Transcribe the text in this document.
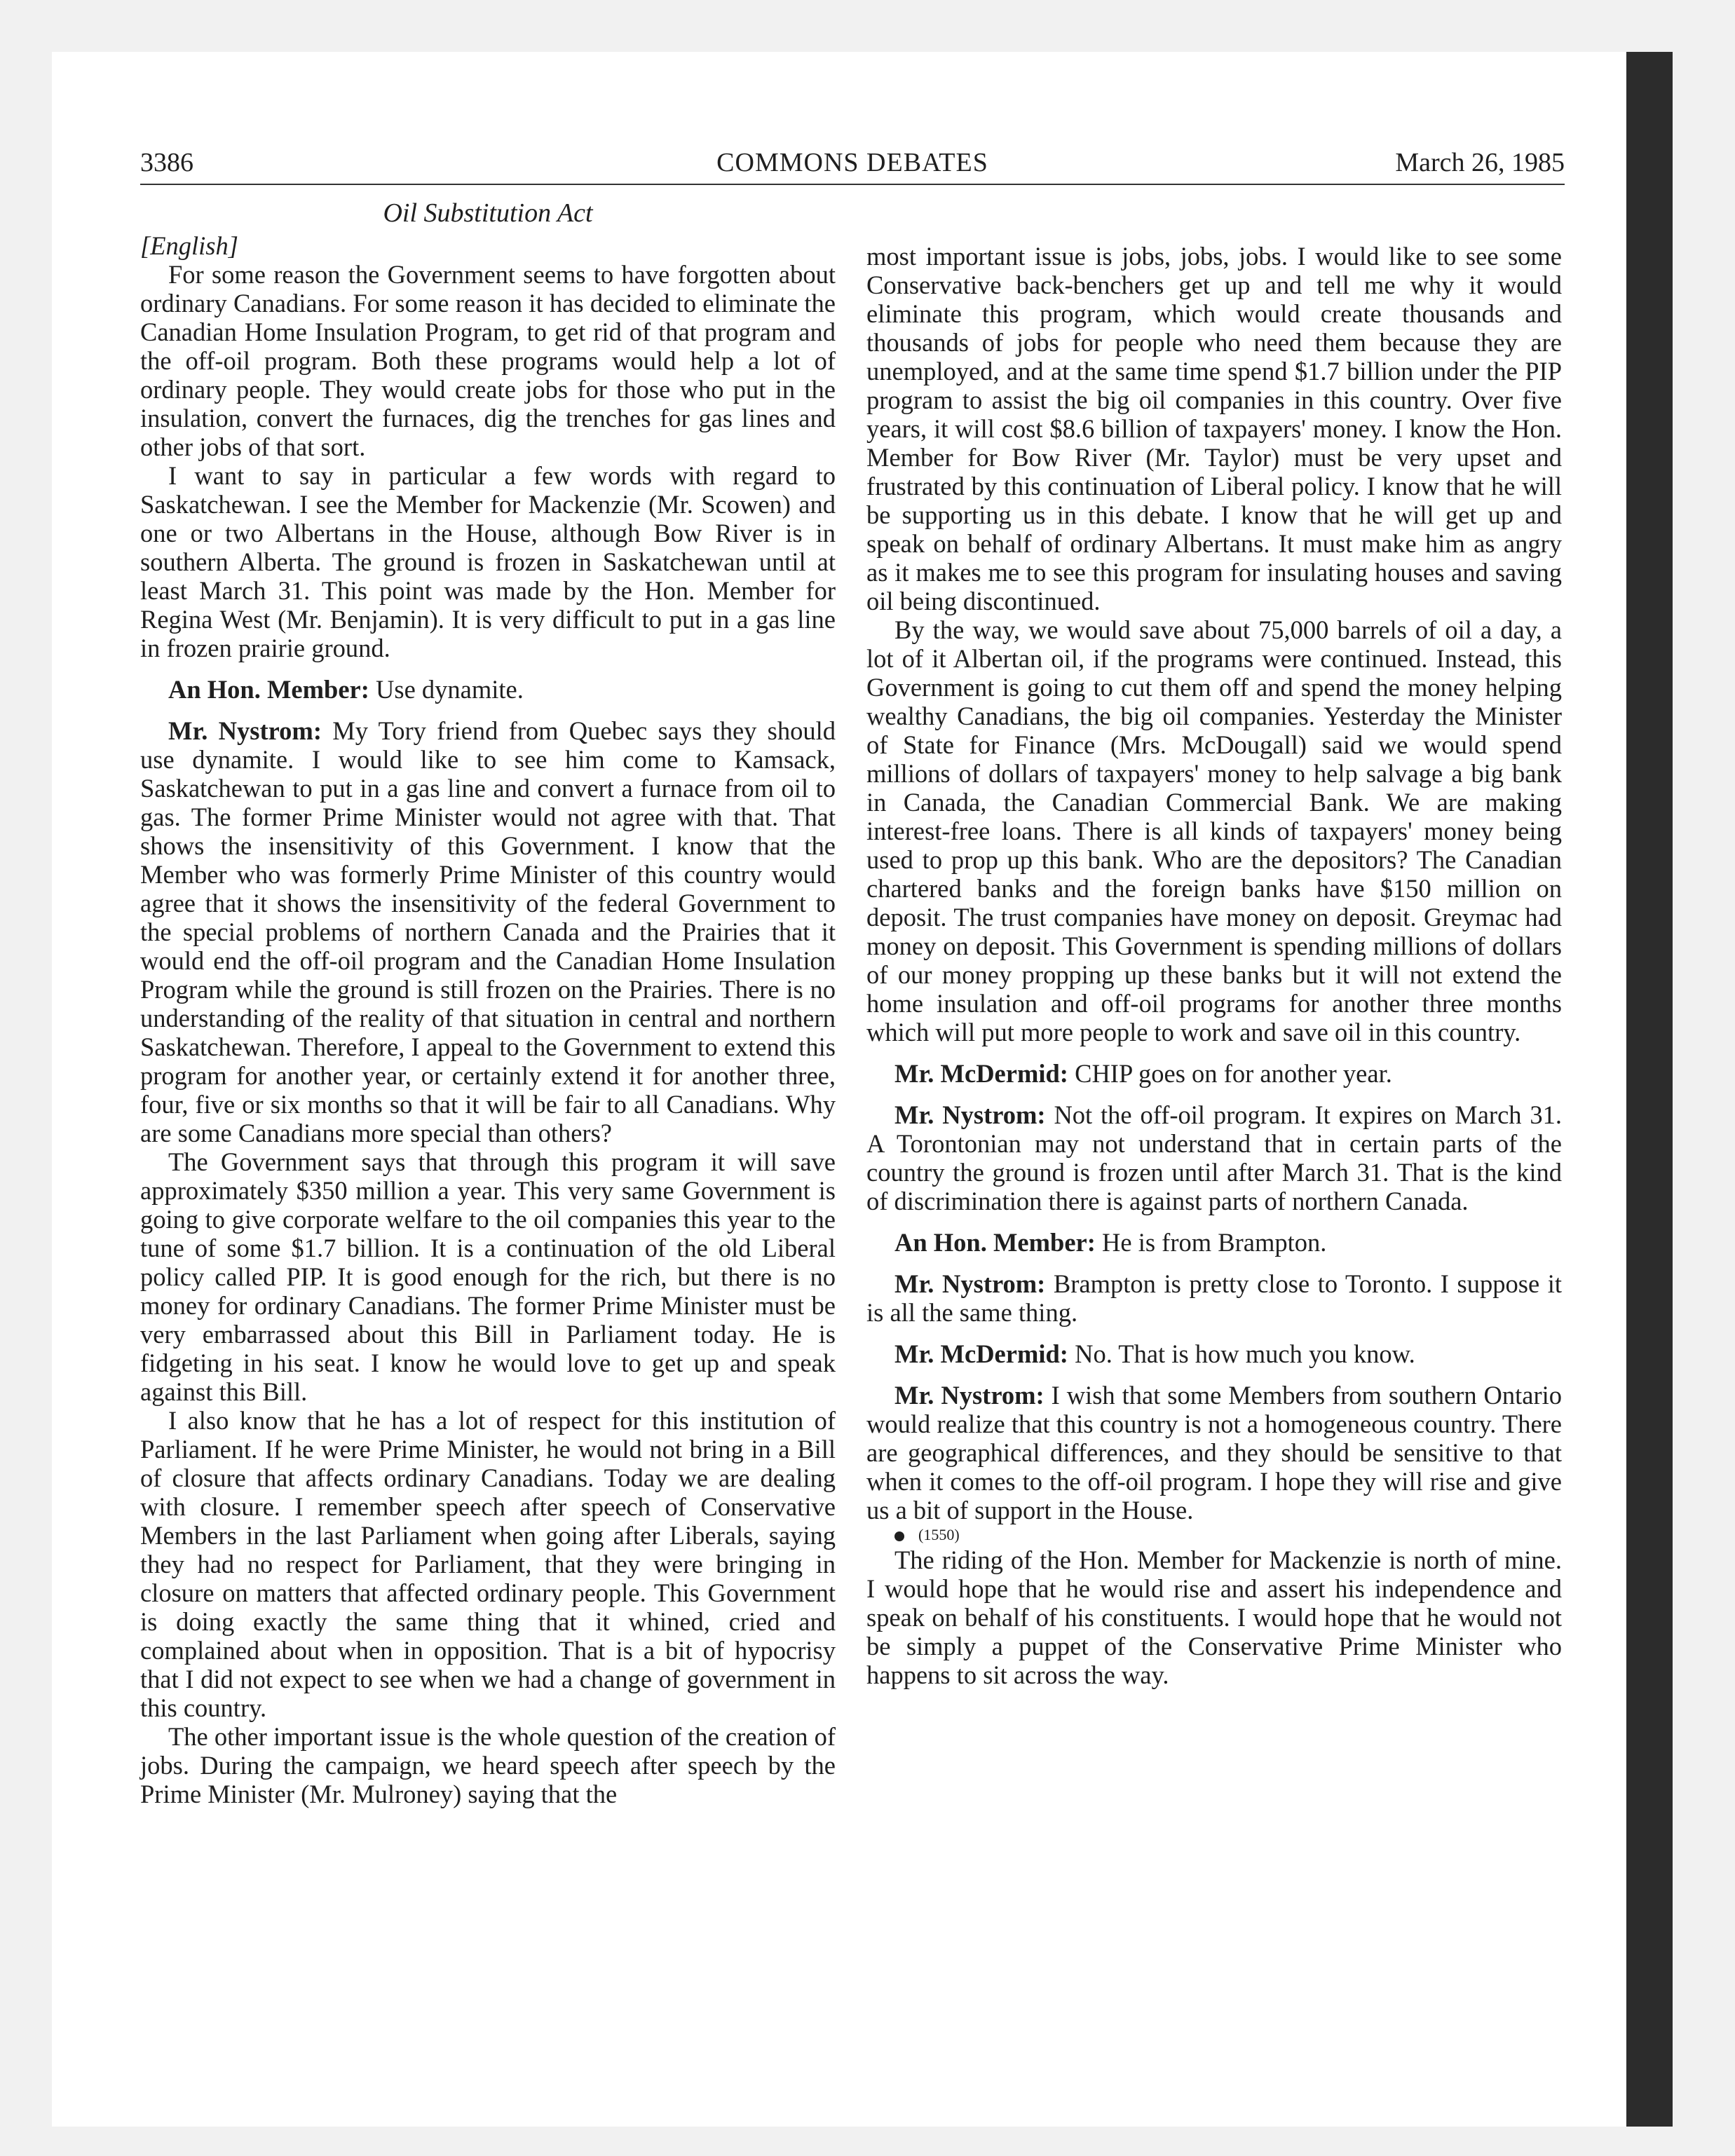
3386	COMMONS DEBATES	March 26, 1985
Oil Substitution Act

[English]

For some reason the Government seems to have forgotten about ordinary Canadians. For some reason it has decided to eliminate the Canadian Home Insulation Program, to get rid of that program and the off-oil program. Both these programs would help a lot of ordinary people. They would create jobs for those who put in the insulation, convert the furnaces, dig the trenches for gas lines and other jobs of that sort.

I want to say in particular a few words with regard to Saskatchewan. I see the Member for Mackenzie (Mr. Scowen) and one or two Albertans in the House, although Bow River is in southern Alberta. The ground is frozen in Saskatchewan until at least March 31. This point was made by the Hon. Member for Regina West (Mr. Benjamin). It is very difficult to put in a gas line in frozen prairie ground.

An Hon. Member: Use dynamite.

Mr. Nystrom: My Tory friend from Quebec says they should use dynamite. I would like to see him come to Kamsack, Saskatchewan to put in a gas line and convert a furnace from oil to gas. The former Prime Minister would not agree with that. That shows the insensitivity of this Government. I know that the Member who was formerly Prime Minister of this country would agree that it shows the insensitivity of the federal Government to the special problems of northern Canada and the Prairies that it would end the off-oil program and the Canadian Home Insulation Program while the ground is still frozen on the Prairies. There is no understanding of the reality of that situation in central and northern Saskatchewan. Therefore, I appeal to the Government to extend this program for another year, or certainly extend it for another three, four, five or six months so that it will be fair to all Canadians. Why are some Canadians more special than others?

The Government says that through this program it will save approximately $350 million a year. This very same Government is going to give corporate welfare to the oil companies this year to the tune of some $1.7 billion. It is a continuation of the old Liberal policy called PIP. It is good enough for the rich, but there is no money for ordinary Canadians. The former Prime Minister must be very embarrassed about this Bill in Parliament today. He is fidgeting in his seat. I know he would love to get up and speak against this Bill.

I also know that he has a lot of respect for this institution of Parliament. If he were Prime Minister, he would not bring in a Bill of closure that affects ordinary Canadians. Today we are dealing with closure. I remember speech after speech of Conservative Members in the last Parliament when going after Liberals, saying they had no respect for Parliament, that they were bringing in closure on matters that affected ordinary people. This Government is doing exactly the same thing that it whined, cried and complained about when in opposition. That is a bit of hypocrisy that I did not expect to see when we had a change of government in this country.

The other important issue is the whole question of the creation of jobs. During the campaign, we heard speech after speech by the Prime Minister (Mr. Mulroney) saying that the

most important issue is jobs, jobs, jobs. I would like to see some Conservative back-benchers get up and tell me why it would eliminate this program, which would create thousands and thousands of jobs for people who need them because they are unemployed, and at the same time spend $1.7 billion under the PIP program to assist the big oil companies in this country. Over five years, it will cost $8.6 billion of taxpayers' money. I know the Hon. Member for Bow River (Mr. Taylor) must be very upset and frustrated by this continuation of Liberal policy. I know that he will be supporting us in this debate. I know that he will get up and speak on behalf of ordinary Albertans. It must make him as angry as it makes me to see this program for insulating houses and saving oil being discontinued.

By the way, we would save about 75,000 barrels of oil a day, a lot of it Albertan oil, if the programs were continued. Instead, this Government is going to cut them off and spend the money helping wealthy Canadians, the big oil companies. Yesterday the Minister of State for Finance (Mrs. McDougall) said we would spend millions of dollars of taxpayers' money to help salvage a big bank in Canada, the Canadian Commercial Bank. We are making interest-free loans. There is all kinds of taxpayers' money being used to prop up this bank. Who are the depositors? The Canadian chartered banks and the foreign banks have $150 million on deposit. The trust companies have money on deposit. Greymac had money on deposit. This Government is spending millions of dollars of our money propping up these banks but it will not extend the home insulation and off-oil programs for another three months which will put more people to work and save oil in this country.

Mr. McDermid: CHIP goes on for another year.

Mr. Nystrom: Not the off-oil program. It expires on March 31. A Torontonian may not understand that in certain parts of the country the ground is frozen until after March 31. That is the kind of discrimination there is against parts of northern Canada.

An Hon. Member: He is from Brampton.

Mr. Nystrom: Brampton is pretty close to Toronto. I suppose it is all the same thing.

Mr. McDermid: No. That is how much you know.

Mr. Nystrom: I wish that some Members from southern Ontario would realize that this country is not a homogeneous country. There are geographical differences, and they should be sensitive to that when it comes to the off-oil program. I hope they will rise and give us a bit of support in the House.

(1550)

The riding of the Hon. Member for Mackenzie is north of mine. I would hope that he would rise and assert his independence and speak on behalf of his constituents. I would hope that he would not be simply a puppet of the Conservative Prime Minister who happens to sit across the way.
